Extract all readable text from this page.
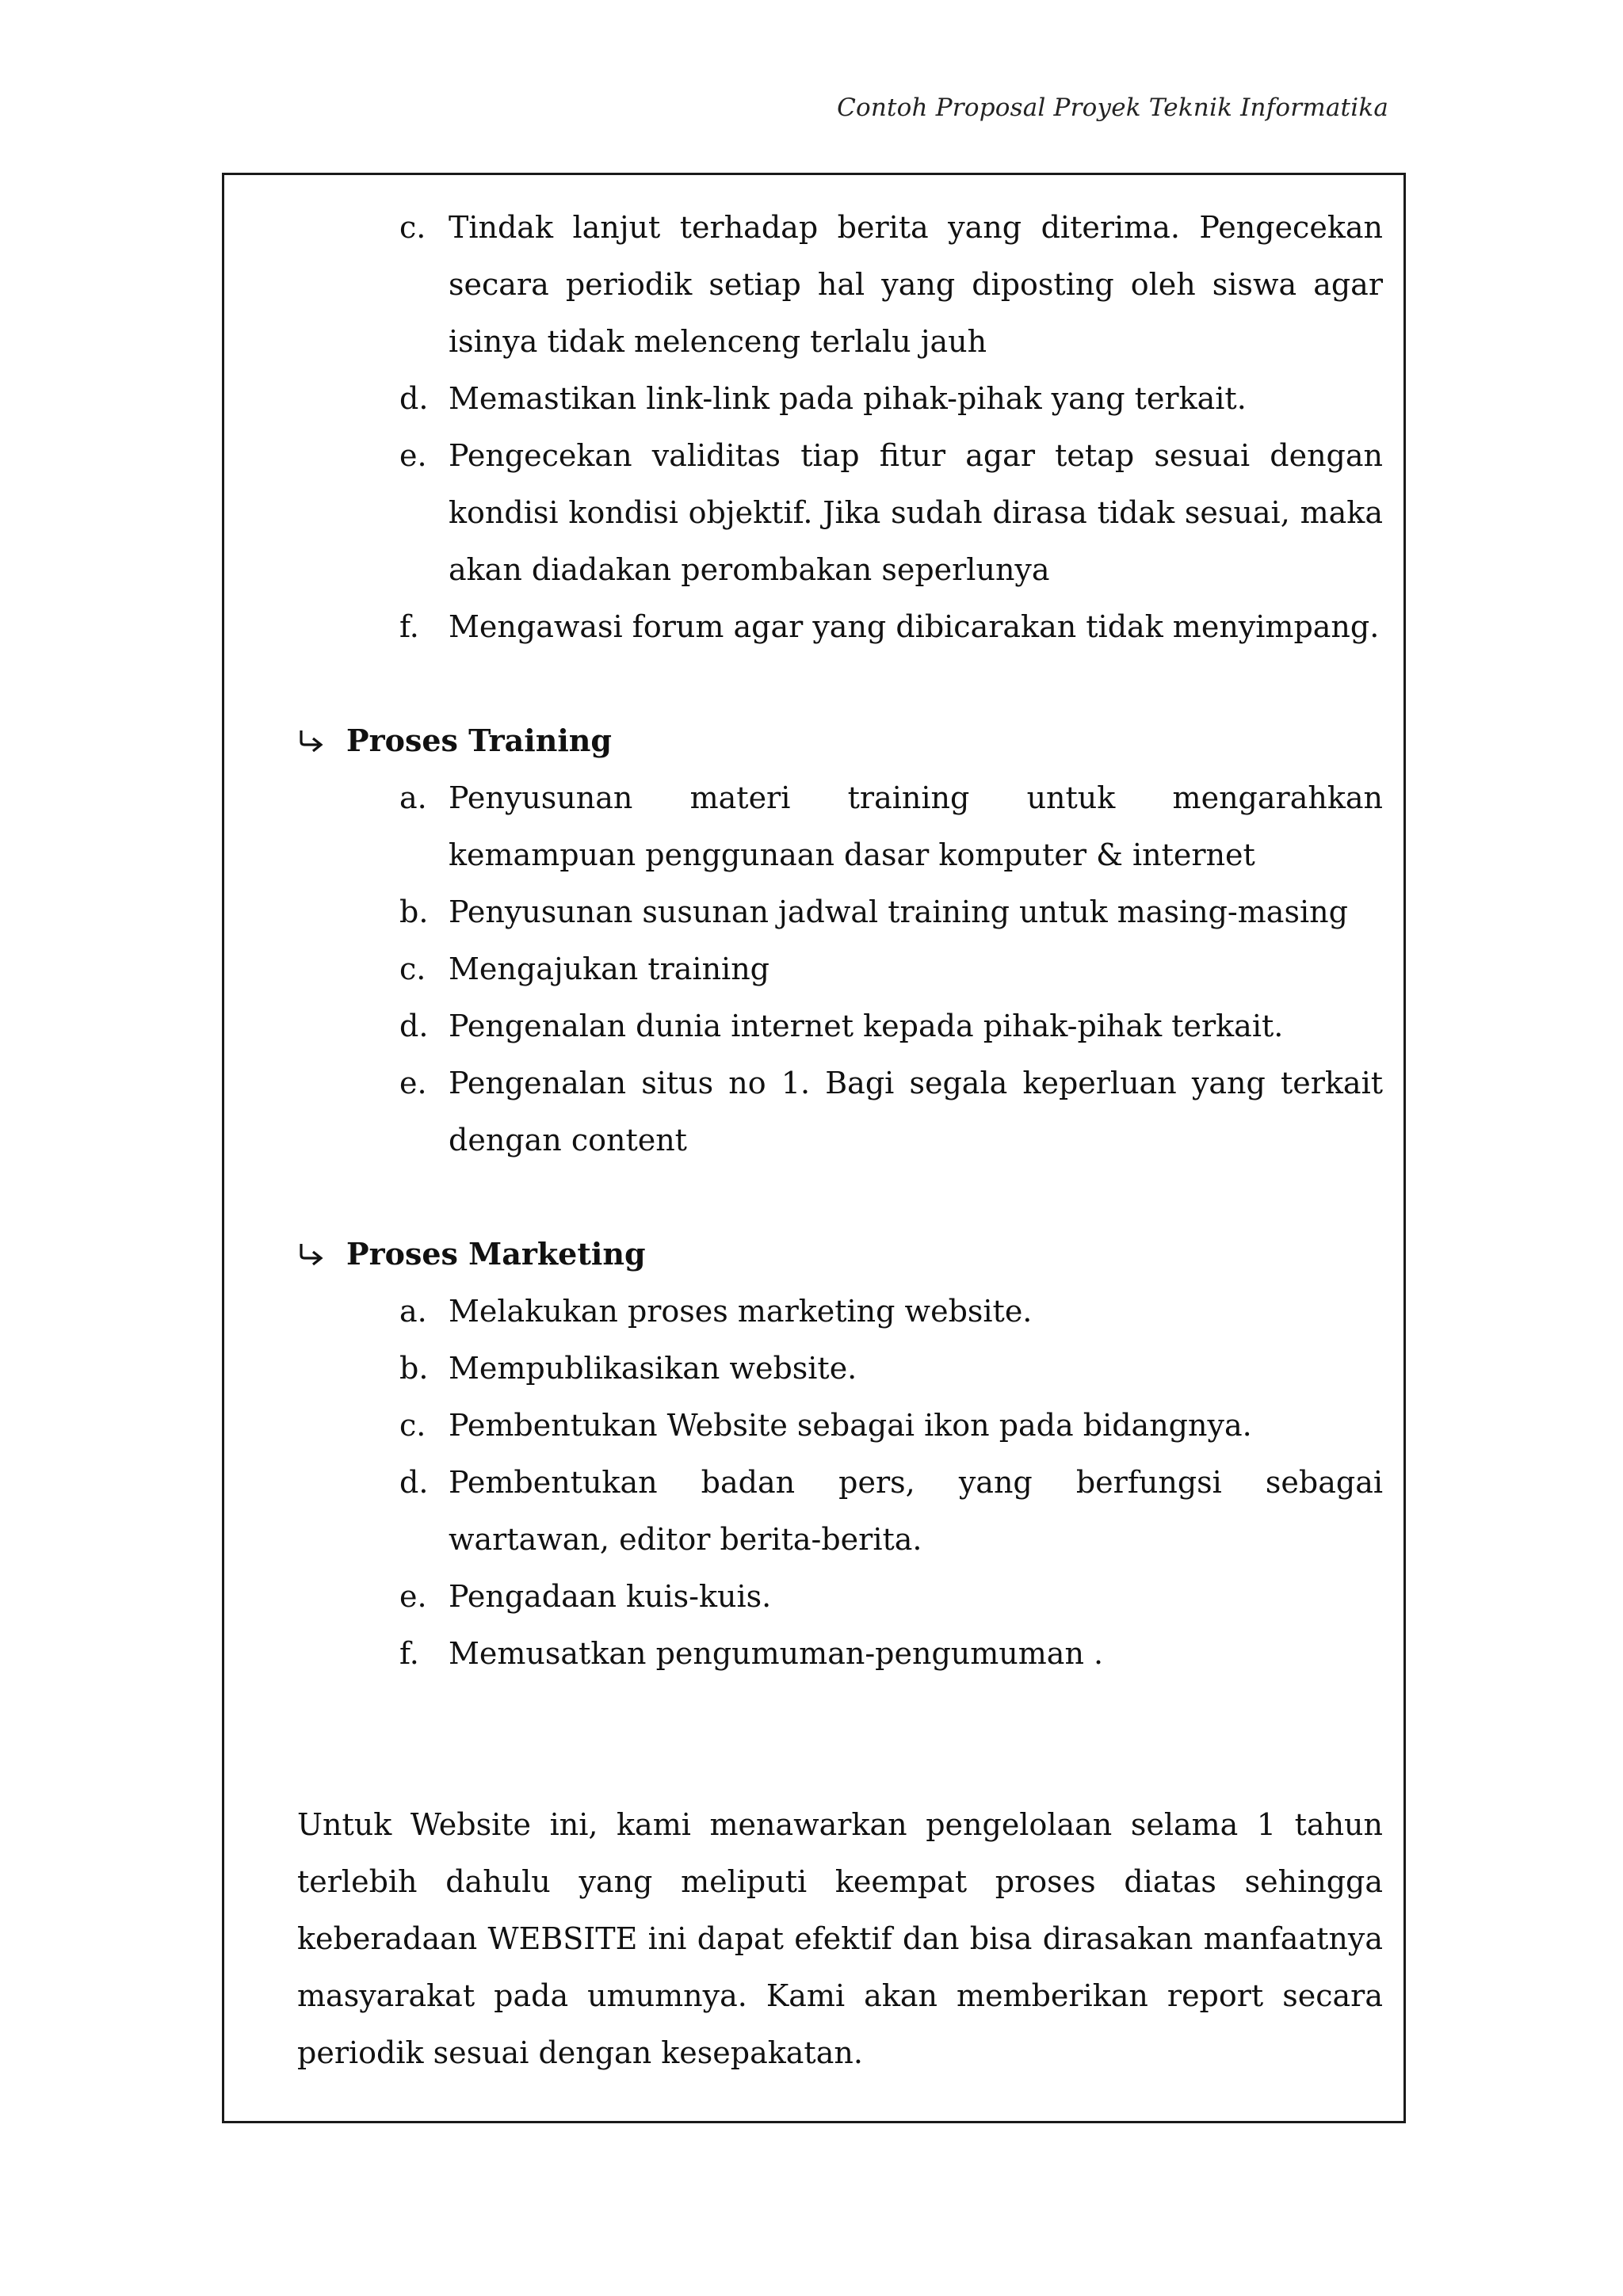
Contoh Proposal Proyek Teknik Informatika
c. Tindak lanjut terhadap berita yang diterima. Pengecekan secara periodik setiap hal yang diposting oleh siswa agar isinya tidak melenceng terlalu jauh
d. Memastikan link-link pada pihak-pihak yang terkait.
e. Pengecekan validitas tiap fitur agar tetap sesuai dengan kondisi kondisi objektif. Jika sudah dirasa tidak sesuai, maka akan diadakan perombakan seperlunya
f. Mengawasi forum agar yang dibicarakan tidak menyimpang.
Proses Training
a. Penyusunan materi training untuk mengarahkan kemampuan penggunaan dasar komputer & internet
b. Penyusunan susunan jadwal training untuk masing-masing
c. Mengajukan training
d. Pengenalan dunia internet kepada pihak-pihak terkait.
e. Pengenalan situs no 1. Bagi segala keperluan yang terkait dengan content
Proses Marketing
a. Melakukan proses marketing website.
b. Mempublikasikan website.
c. Pembentukan Website sebagai ikon pada bidangnya.
d. Pembentukan badan pers, yang berfungsi sebagai wartawan, editor berita-berita.
e. Pengadaan kuis-kuis.
f. Memusatkan pengumuman-pengumuman .

Untuk Website ini, kami menawarkan pengelolaan selama 1 tahun terlebih dahulu yang meliputi keempat proses diatas sehingga keberadaan WEBSITE ini dapat efektif dan bisa dirasakan manfaatnya masyarakat pada umumnya. Kami akan memberikan report secara periodik sesuai dengan kesepakatan.
